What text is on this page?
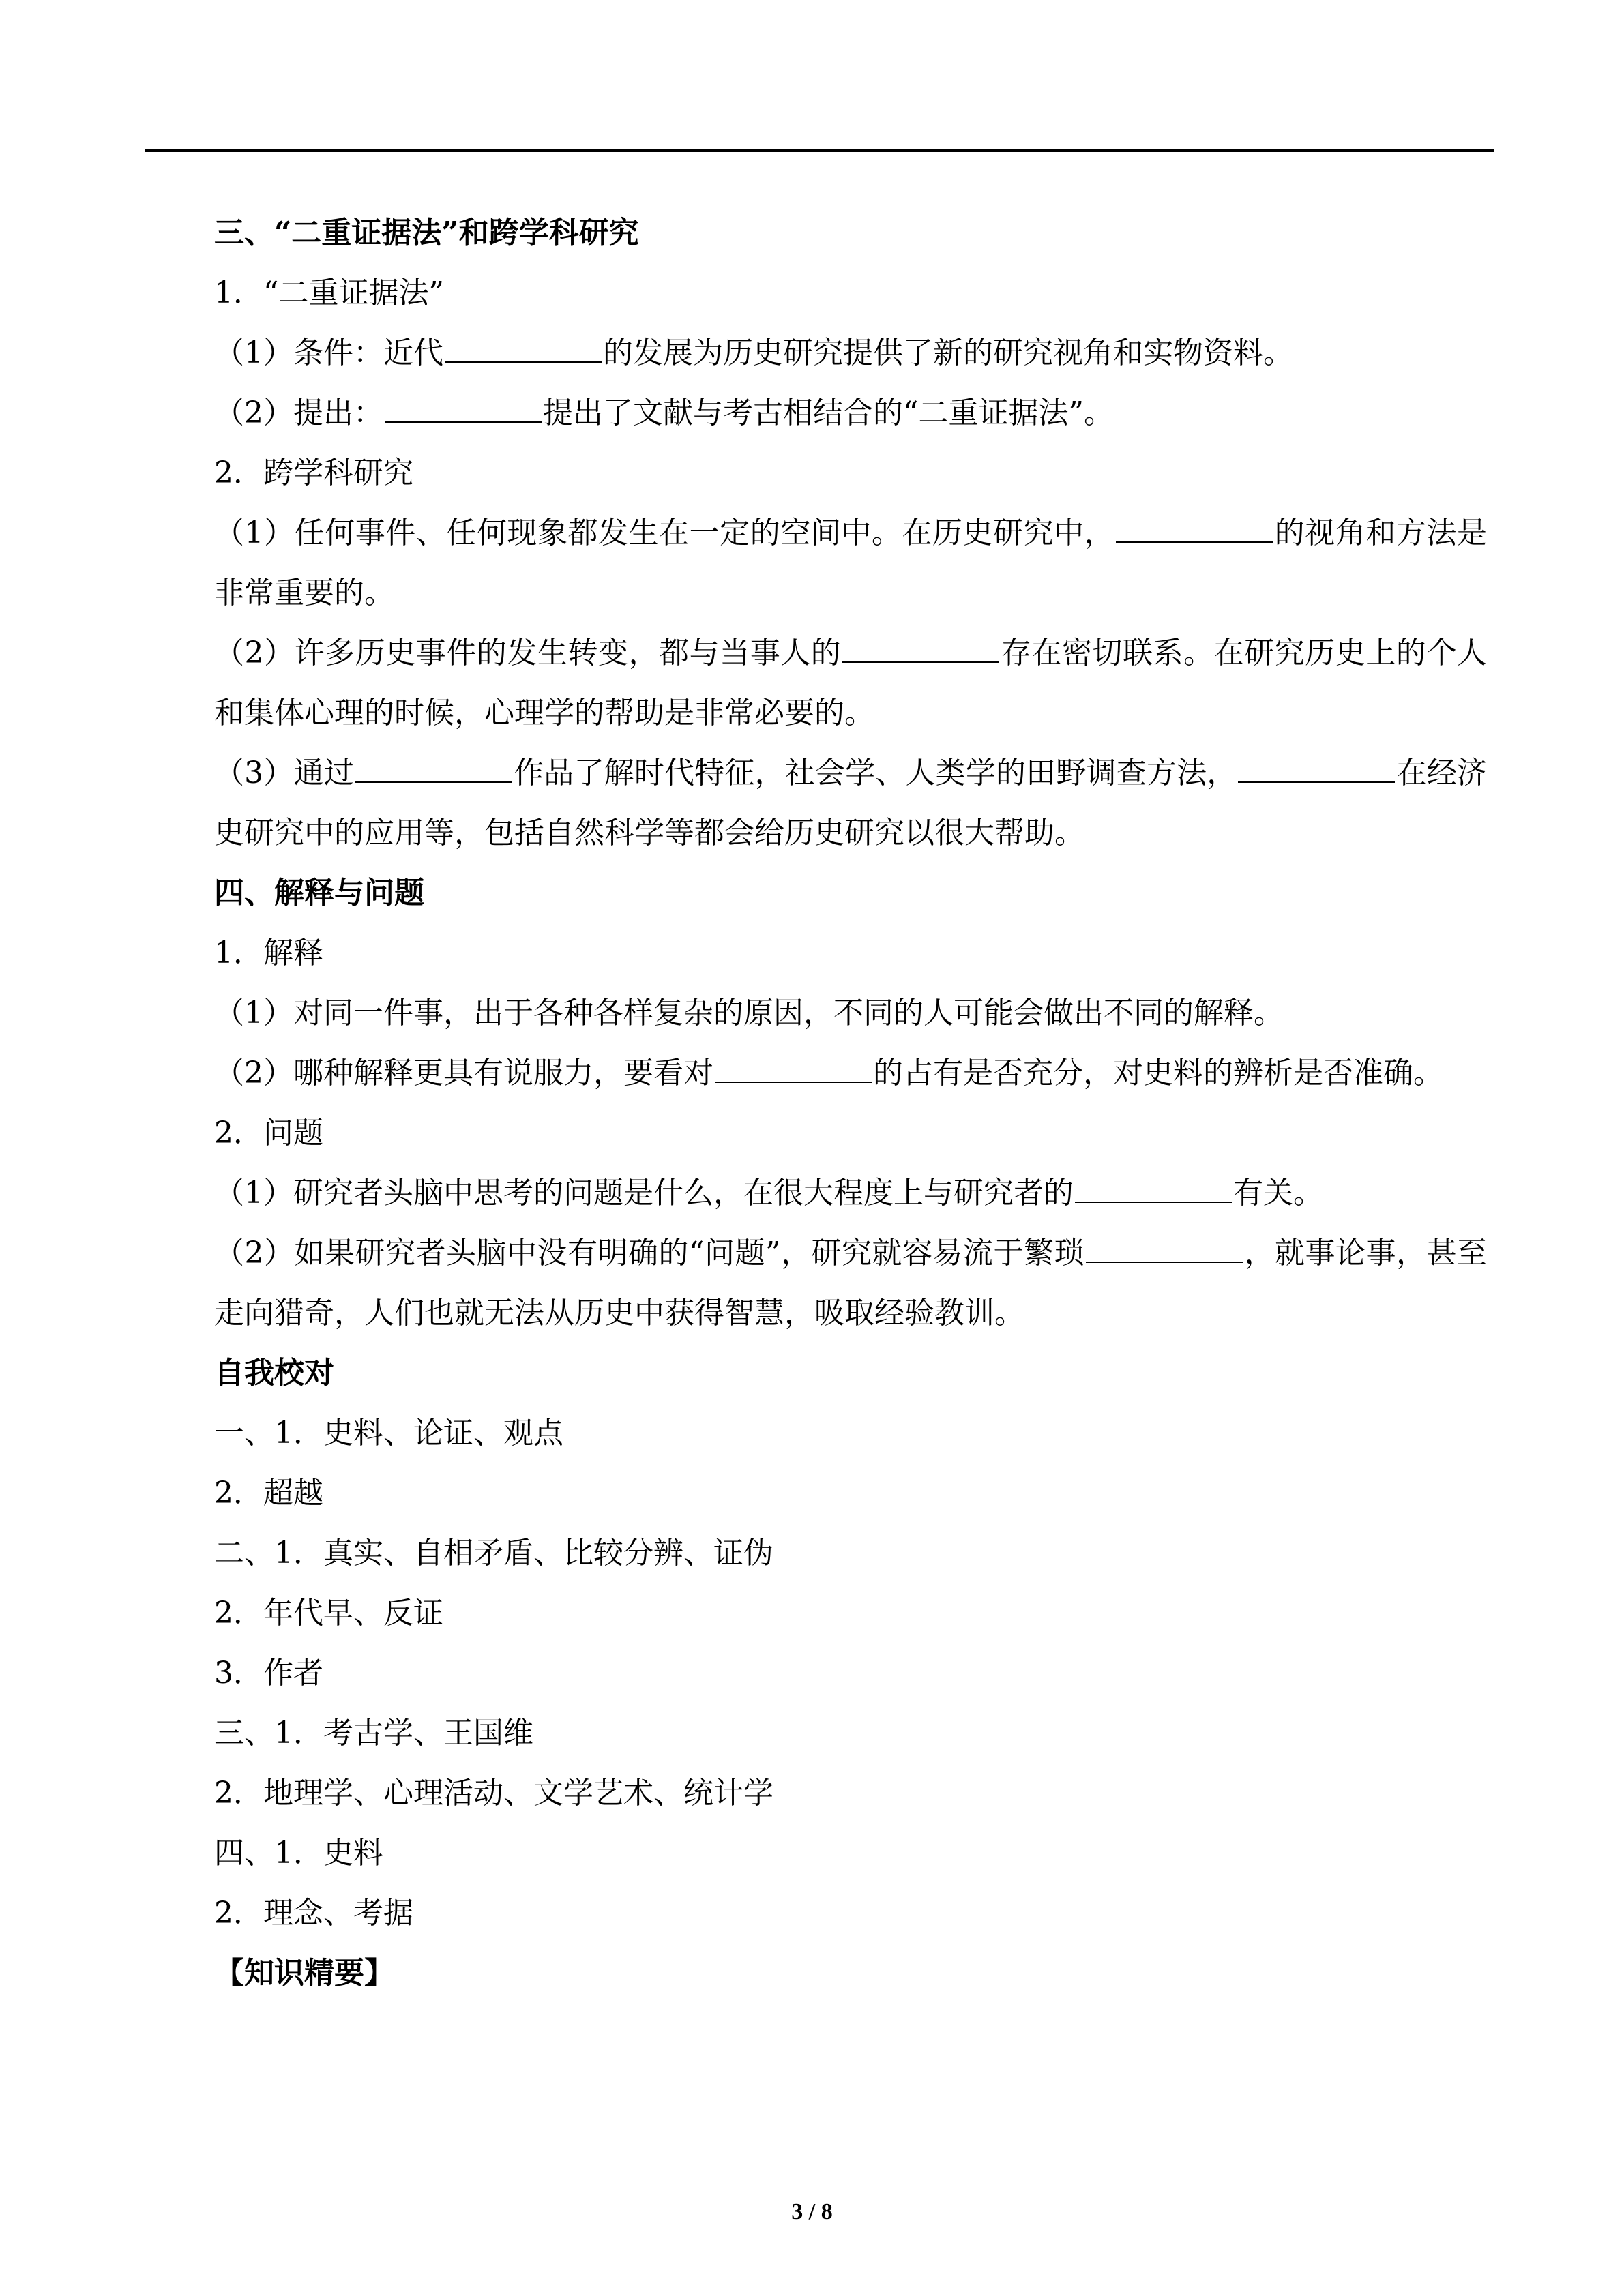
三、“二重证据法”和跨学科研究
1．“二重证据法”
（1）条件：近代	的发展为历史研究提供了新的研究视角和实物资料。
（2）提出：	提出了文献与考古相结合的“二重证据法”。
2．跨学科研究
（1）任何事件、任何现象都发生在一定的空间中。在历史研究中，	的视角和方法是非常重要的。
（2）许多历史事件的发生转变，都与当事人的	存在密切联系。在研究历史上的个人和集体心理的时候，心理学的帮助是非常必要的。
（3）通过	作品了解时代特征，社会学、人类学的田野调查方法，	在经济史研究中的应用等，包括自然科学等都会给历史研究以很大帮助。
四、解释与问题
1．解释
（1）对同一件事，出于各种各样复杂的原因，不同的人可能会做出不同的解释。
（2）哪种解释更具有说服力，要看对	的占有是否充分，对史料的辨析是否准确。
2．问题
（1）研究者头脑中思考的问题是什么，在很大程度上与研究者的	有关。
（2）如果研究者头脑中没有明确的“问题”，研究就容易流于繁琐	，就事论事，甚至走向猎奇，人们也就无法从历史中获得智慧，吸取经验教训。
自我校对
一、1．史料、论证、观点
2．超越
二、1．真实、自相矛盾、比较分辨、证伪
2．年代早、反证
3．作者
三、1．考古学、王国维
2．地理学、心理活动、文学艺术、统计学
四、1．史料
2．理念、考据
【知识精要】
3 / 8
